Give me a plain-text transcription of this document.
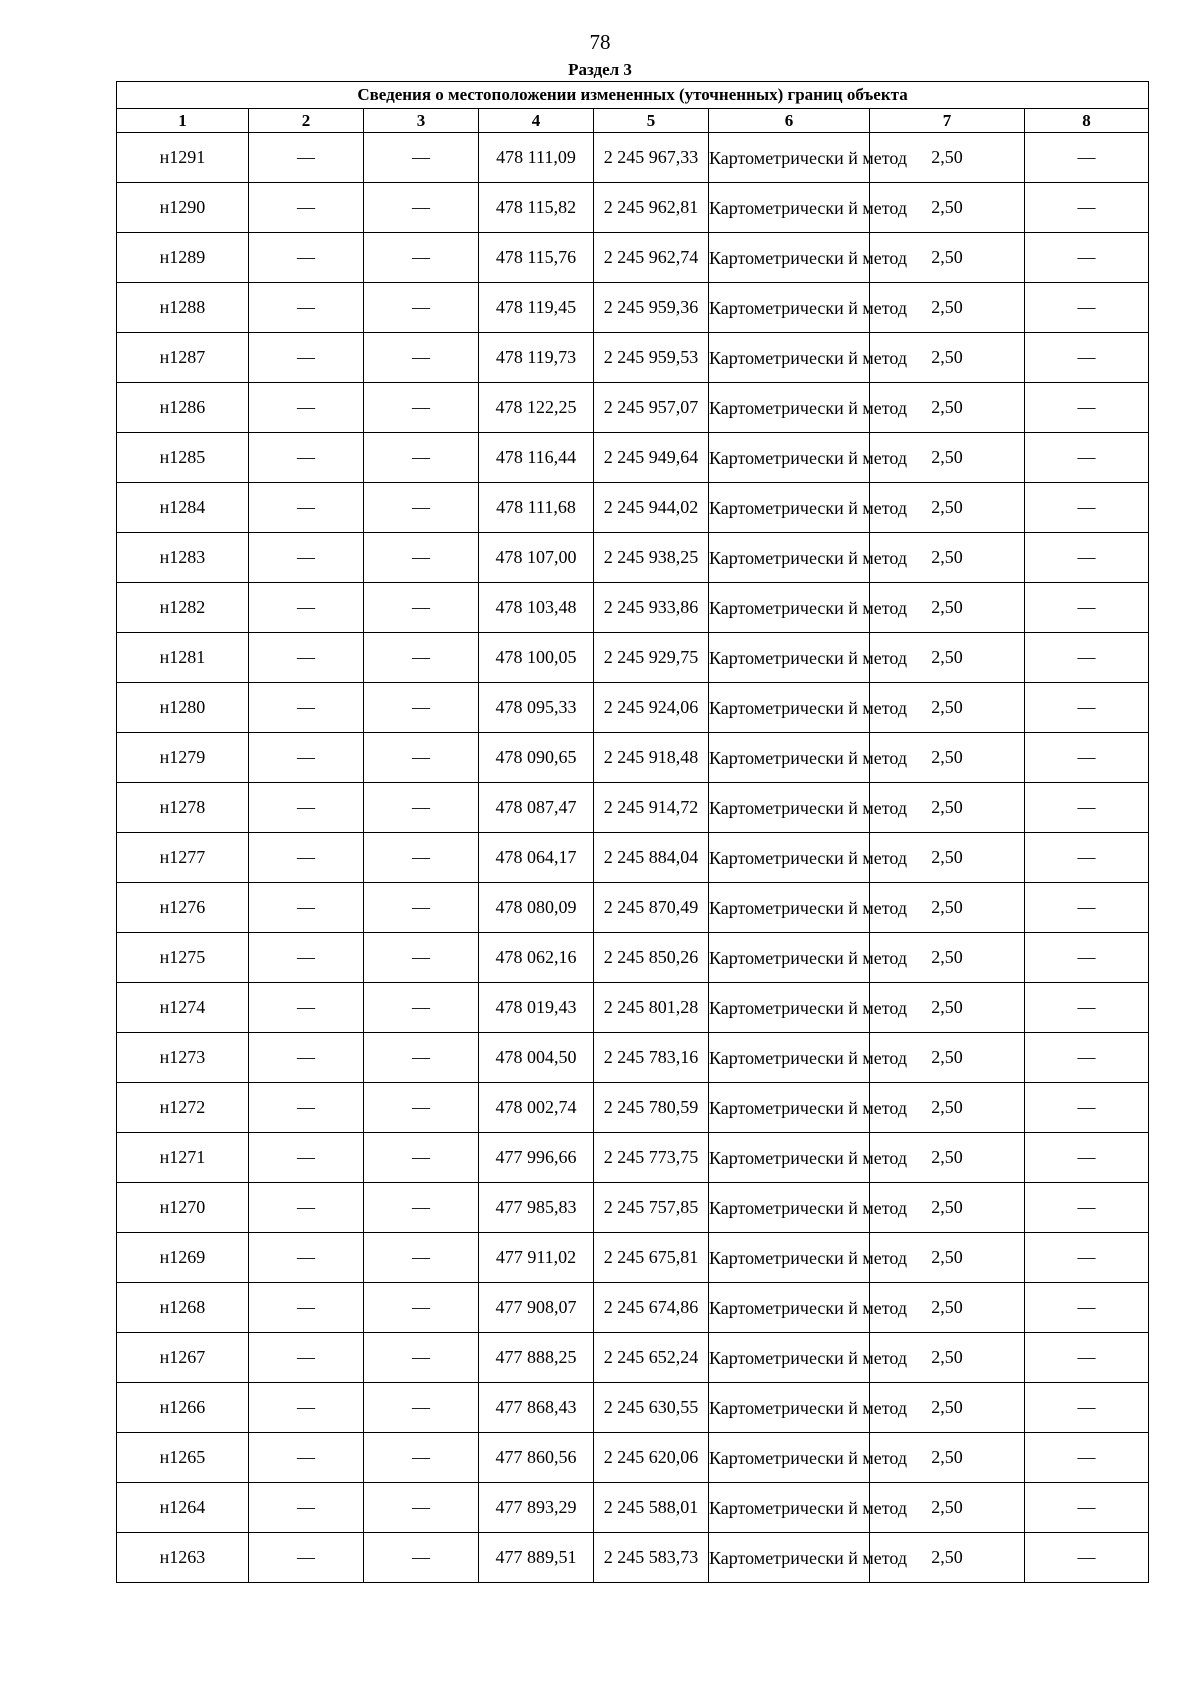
78
Раздел 3
Сведения о местоположении измененных (уточненных) границ объекта							
1	2	3	4	5	6	7	8
н1291	—	—	478 111,09	2 245 967,33	Картометрически й метод	2,50	—
н1290	—	—	478 115,82	2 245 962,81	Картометрически й метод	2,50	—
н1289	—	—	478 115,76	2 245 962,74	Картометрически й метод	2,50	—
н1288	—	—	478 119,45	2 245 959,36	Картометрически й метод	2,50	—
н1287	—	—	478 119,73	2 245 959,53	Картометрически й метод	2,50	—
н1286	—	—	478 122,25	2 245 957,07	Картометрически й метод	2,50	—
н1285	—	—	478 116,44	2 245 949,64	Картометрически й метод	2,50	—
н1284	—	—	478 111,68	2 245 944,02	Картометрически й метод	2,50	—
н1283	—	—	478 107,00	2 245 938,25	Картометрически й метод	2,50	—
н1282	—	—	478 103,48	2 245 933,86	Картометрически й метод	2,50	—
н1281	—	—	478 100,05	2 245 929,75	Картометрически й метод	2,50	—
н1280	—	—	478 095,33	2 245 924,06	Картометрически й метод	2,50	—
н1279	—	—	478 090,65	2 245 918,48	Картометрически й метод	2,50	—
н1278	—	—	478 087,47	2 245 914,72	Картометрически й метод	2,50	—
н1277	—	—	478 064,17	2 245 884,04	Картометрически й метод	2,50	—
н1276	—	—	478 080,09	2 245 870,49	Картометрически й метод	2,50	—
н1275	—	—	478 062,16	2 245 850,26	Картометрически й метод	2,50	—
н1274	—	—	478 019,43	2 245 801,28	Картометрически й метод	2,50	—
н1273	—	—	478 004,50	2 245 783,16	Картометрически й метод	2,50	—
н1272	—	—	478 002,74	2 245 780,59	Картометрически й метод	2,50	—
н1271	—	—	477 996,66	2 245 773,75	Картометрически й метод	2,50	—
н1270	—	—	477 985,83	2 245 757,85	Картометрически й метод	2,50	—
н1269	—	—	477 911,02	2 245 675,81	Картометрически й метод	2,50	—
н1268	—	—	477 908,07	2 245 674,86	Картометрически й метод	2,50	—
н1267	—	—	477 888,25	2 245 652,24	Картометрически й метод	2,50	—
н1266	—	—	477 868,43	2 245 630,55	Картометрически й метод	2,50	—
н1265	—	—	477 860,56	2 245 620,06	Картометрически й метод	2,50	—
н1264	—	—	477 893,29	2 245 588,01	Картометрически й метод	2,50	—
н1263	—	—	477 889,51	2 245 583,73	Картометрически й метод	2,50	—
